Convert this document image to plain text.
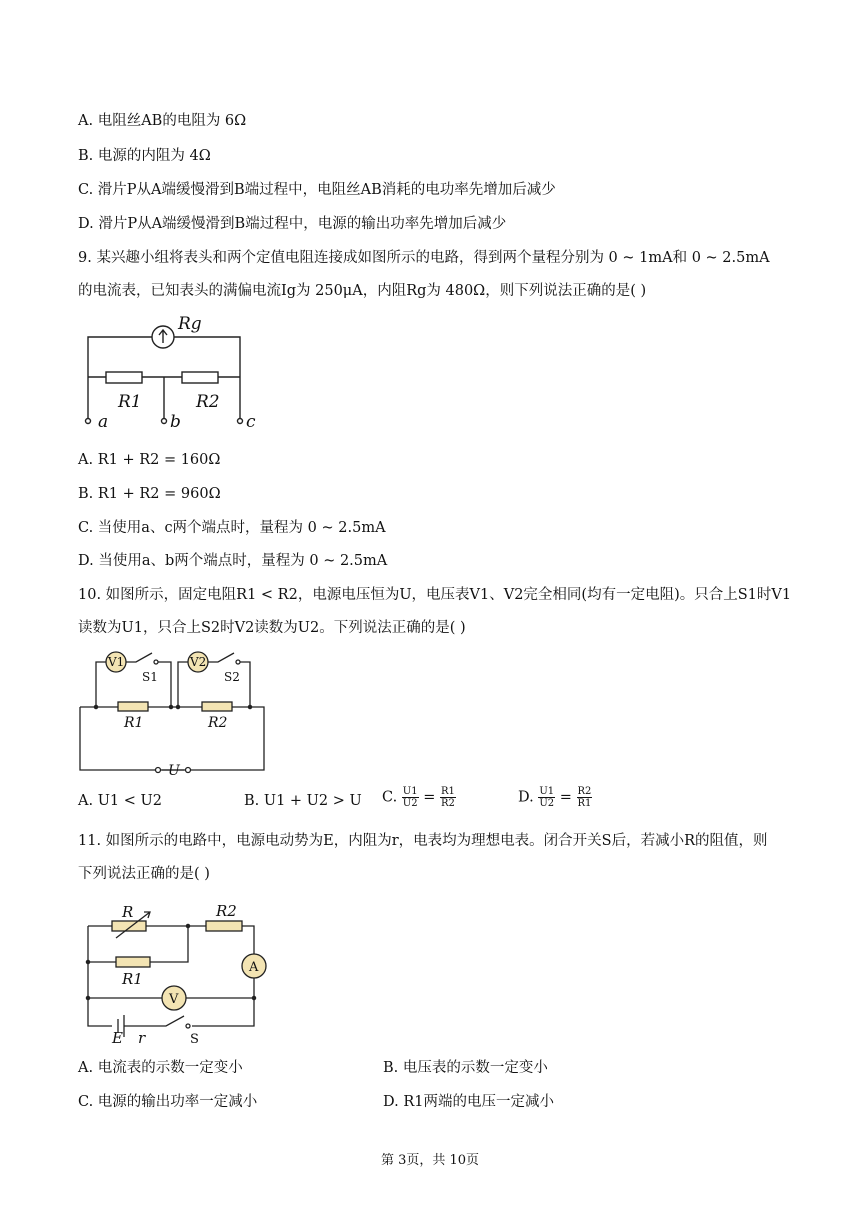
A. 电阻丝AB的电阻为 6Ω
B. 电源的内阻为 4Ω
C. 滑片P从A端缓慢滑到B端过程中，电阻丝AB消耗的电功率先增加后减少
D. 滑片P从A端缓慢滑到B端过程中，电源的输出功率先增加后减少
9. 某兴趣小组将表头和两个定值电阻连接成如图所示的电路，得到两个量程分别为 0 ~ 1mA和 0 ~ 2.5mA
的电流表，已知表头的满偏电流Ig为 250μA，内阻Rg为 480Ω，则下列说法正确的是( )
Rg
R1	R2
a	b	c
A. R1 + R2 = 160Ω
B. R1 + R2 = 960Ω
C. 当使用a、c两个端点时，量程为 0 ~ 2.5mA
D. 当使用a、b两个端点时，量程为 0 ~ 2.5mA
10. 如图所示，固定电阻R1 < R2，电源电压恒为U，电压表V1、V2完全相同(均有一定电阻)。只合上S1时V1
读数为U1，只合上S2时V2读数为U2。下列说法正确的是( )
V1	V2
S1	S2
R1	R2
U
A. U1 < U2	B. U1 + U2 > U C. $\frac{U1}{U2} = \frac{R1}{R2}$	D. $\frac{U1}{U2} = \frac{R2}{R1}$
11. 如图所示的电路中，电源电动势为E，内阻为r，电表均为理想电表。闭合开关S后，若减小R的阻值，则
下列说法正确的是( )
R	R2
R1
E r
A
V
S
A. 电流表的示数一定变小	B. 电压表的示数一定变小
C. 电源的输出功率一定减小	D. R1两端的电压一定减小
第 3页，共 10页
